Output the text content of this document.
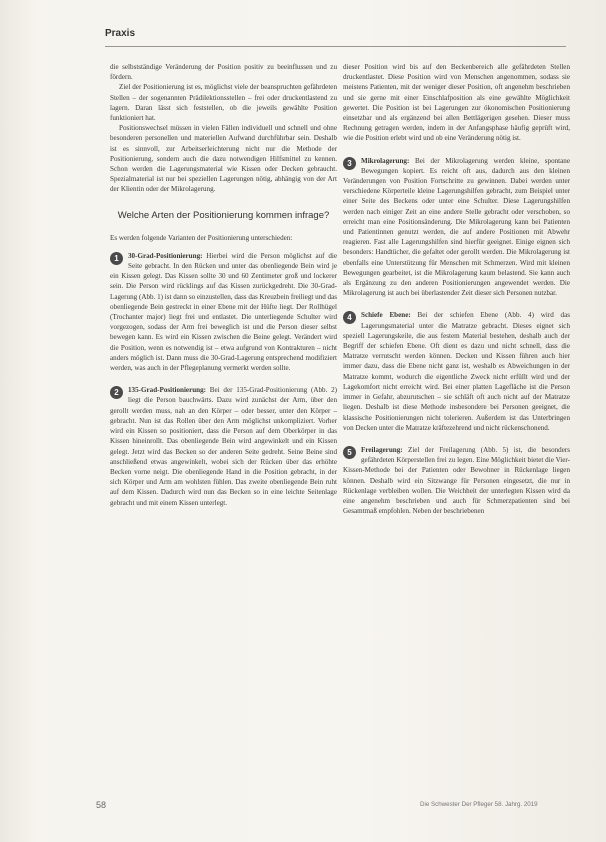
Praxis

die selbstständige Veränderung der Position positiv zu beeinflussen und zu fördern.

Ziel der Positionierung ist es, möglichst viele der beanspruchten gefährdeten Stellen – der sogenannten Prädilektionsstellen – frei oder druckentlastend zu lagern. Daran lässt sich feststellen, ob die jeweils gewählte Position funktioniert hat.

Positionswechsel müssen in vielen Fällen individuell und schnell und ohne besonderen personellen und materiellen Aufwand durchführbar sein. Deshalb ist es sinnvoll, zur Arbeitserleichterung nicht nur die Methode der Positionierung, sondern auch die dazu notwendigen Hilfsmittel zu kennen. Schon werden die Lagerungsmaterial wie Kissen oder Decken gebraucht. Spezialmaterial ist nur bei speziellen Lagerungen nötig, abhängig von der Art der Klientin oder der Mikrolagerung.

Welche Arten der Positionierung kommen infrage?

Es werden folgende Varianten der Positionierung unterschieden:

1	30-Grad-Positionierung: Hierbei wird die Person möglichst auf die Seite gebracht. In den Rücken und unter das obenliegende Bein wird je ein Kissen gelegt. Das Kissen sollte 30 und 60 Zentimeter groß und lockerer sein. Die Person wird rücklings auf das Kissen zurückgedreht. Die 30-Grad-Lagerung (Abb. 1) ist dann so einzustellen, dass das Kreuzbein freiliegt und das obenliegende Bein gestreckt in einer Ebene mit der Hüfte liegt. Der Rollhügel (Trochanter major) liegt frei und entlastet. Die unterliegende Schulter wird vorgezogen, sodass der Arm frei beweglich ist und die Person dieser selbst bewegen kann. Es wird ein Kissen zwischen die Beine gelegt. Verändert wird die Position, wenn es notwendig ist – etwa aufgrund von Kontrakturen – nicht anders möglich ist. Dann muss die 30-Grad-Lagerung entsprechend modifiziert werden, was auch in der Pflegeplanung vermerkt werden sollte.
2	135-Grad-Positionierung: Bei der 135-Grad-Positionierung (Abb. 2) liegt die Person bauchwärts. Dazu wird zunächst der Arm, über den gerollt werden muss, nah an den Körper – oder besser, unter den Körper – gebracht. Nun ist das Rollen über den Arm möglichst unkompliziert. Vorher wird ein Kissen so positioniert, dass die Person auf dem Oberkörper in das Kissen hineinrollt. Das obenliegende Bein wird angewinkelt und ein Kissen gelegt. Jetzt wird das Becken so der anderen Seite gedreht. Seine Beine sind anschließend etwas angewinkelt, wobei sich der Rücken über das erhöhte Becken vorne neigt. Die obenliegende Hand in die Position gebracht, in der sich Körper und Arm am wohlsten fühlen. Das zweite obenliegende Bein ruht auf dem Kissen. Dadurch wird nun das Becken so in eine leichte Seitenlage gebracht und mit einem Kissen unterlegt.

dieser Position wird bis auf den Beckenbereich alle gefährdeten Stellen druckentlastet. Diese Position wird von Menschen angenommen, sodass sie meistens Patienten, mit der weniger dieser Position, oft angenehm beschrieben und sie gerne mit einer Einschlafposition als eine gewählte Möglichkeit gewertet. Die Position ist bei Lagerungen zur ökonomischen Positionierung einsetzbar und als ergänzend bei allen Bettlägerigen gesehen. Dieser muss Rechnung getragen werden, indem in der Anfangsphase häufig geprüft wird, wie die Position erlebt wird und ob eine Veränderung nötig ist.

3	Mikrolagerung: Bei der Mikrolagerung werden kleine, spontane Bewegungen kopiert. Es reicht oft aus, dadurch aus den kleinen Veränderungen von Position Fortschritte zu gewinnen. Dabei werden unter verschiedene Körperteile kleine Lagerungshilfen gebracht, zum Beispiel unter einer Seite des Beckens oder unter eine Schulter. Diese Lagerungshilfen werden nach einiger Zeit an eine andere Stelle gebracht oder verschoben, so erreicht man eine Positionsänderung. Die Mikrolagerung kann bei Patienten und Patientinnen genutzt werden, die auf andere Positionen mit Abwehr reagieren. Fast alle Lagerungshilfen sind hierfür geeignet. Einige eignen sich besonders: Handtücher, die gefaltet oder gerollt werden. Die Mikrolagerung ist ebenfalls eine Unterstützung für Menschen mit Schmerzen. Wird mit kleinen Bewegungen gearbeitet, ist die Mikrolagerung kaum belastend. Sie kann auch als Ergänzung zu den anderen Positionierungen angewendet werden. Die Mikrolagerung ist auch bei überlastender Zeit dieser sich Personen nutzbar.
4	Schiefe Ebene: Bei der schiefen Ebene (Abb. 4) wird das Lagerungsmaterial unter die Matratze gebracht. Dieses eignet sich speziell Lagerungskeile, die aus festem Material bestehen, deshalb auch der Begriff der schiefen Ebene. Oft dient es dazu und nicht schnell, dass die Matratze verrutscht werden können. Decken und Kissen führen auch hier immer dazu, dass die Ebene nicht ganz ist, weshalb es Abweichungen in der Matratze kommt, wodurch die eigentliche Zweck nicht erfüllt wird und der Lagekomfort nicht erreicht wird. Bei einer platten Lagefläche ist die Person immer in Gefahr, abzurutschen – sie schläft oft auch nicht auf der Matratze liegen. Deshalb ist diese Methode insbesondere bei Personen geeignet, die klassische Positionierungen nicht tolerieren. Außerdem ist das Unterbringen von Decken unter die Matratze kräftezehrend und nicht rückenschonend.
5	Freilagerung: Ziel der Freilagerung (Abb. 5) ist, die besonders gefährdeten Körperstellen frei zu legen. Eine Möglichkeit bietet die Vier-Kissen-Methode bei der Patienten oder Bewohner in Rückenlage liegen können. Deshalb wird ein Sitzwange für Personen eingesetzt, die nur in Rückenlage verbleiben wollen. Die Weichheit der unterlegten Kissen wird da eine angenehm beschrieben und auch für Schmerzpatienten sind bei Gesamtmaß empfohlen. Neben der beschriebenen
58	Die Schwester Der Pfleger 58. Jahrg. 2019
